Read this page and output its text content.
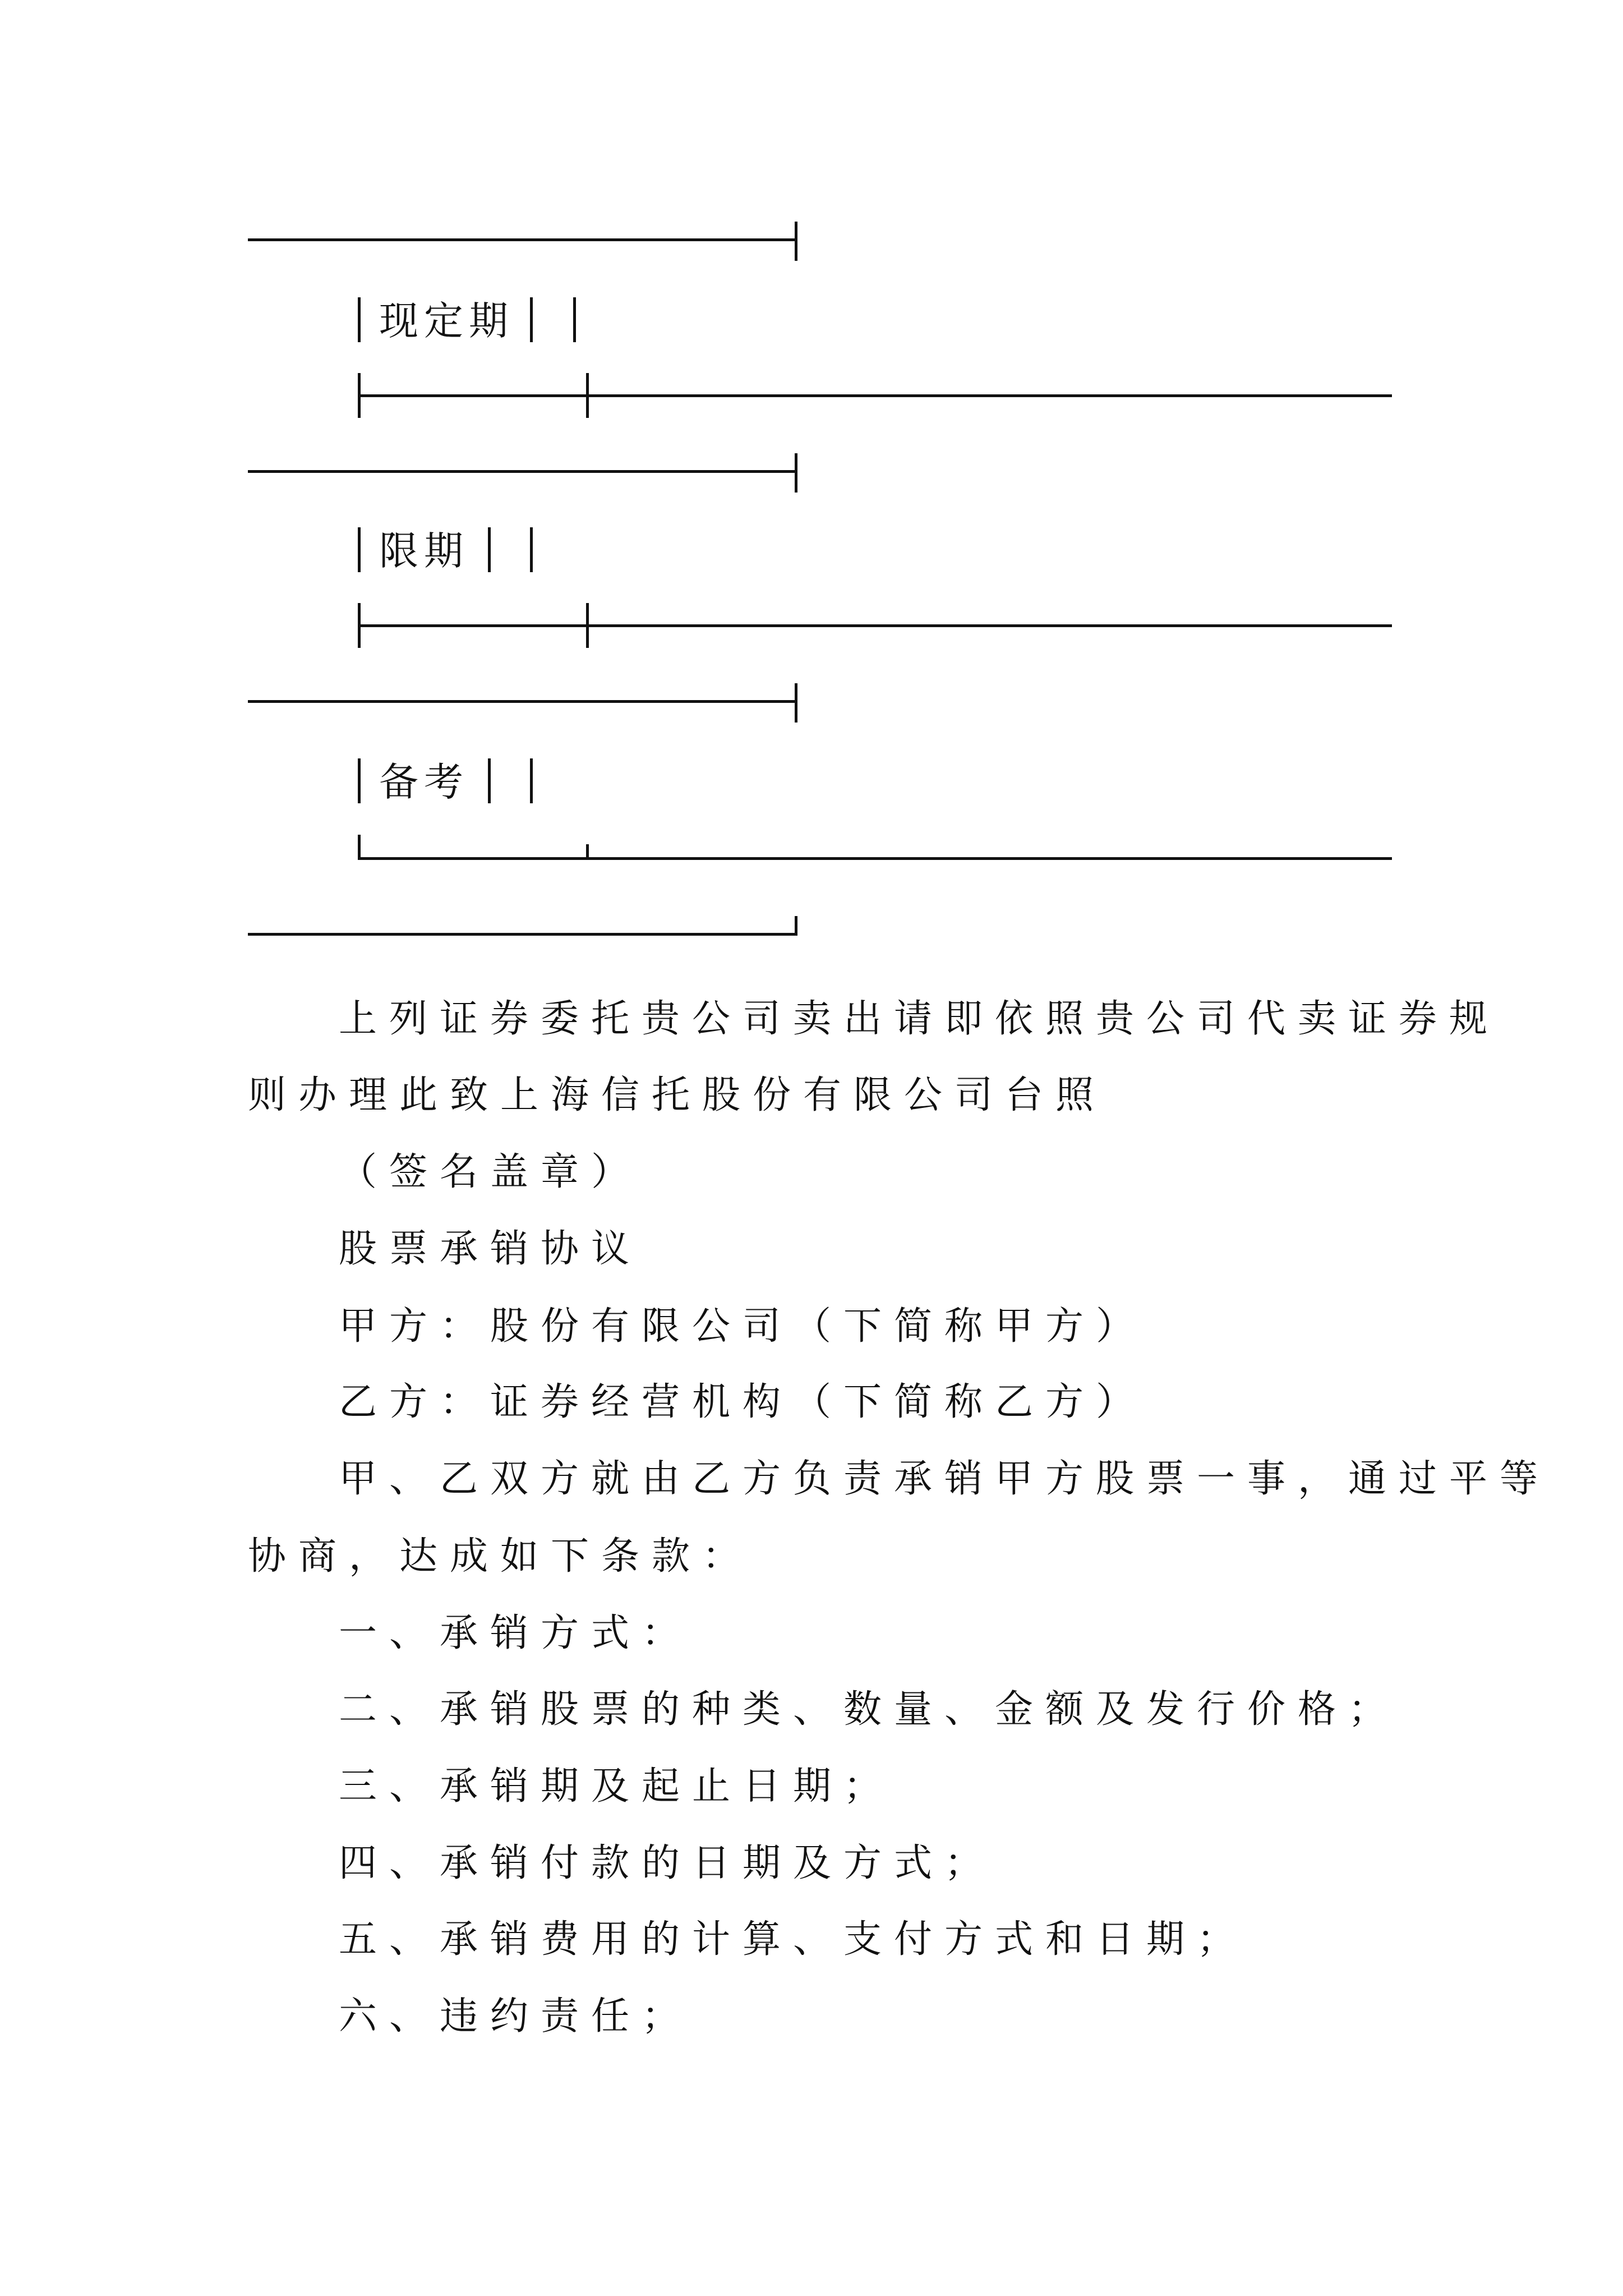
现定期
限期
备考
上列证券委托贵公司卖出请即依照贵公司代卖证券规
则办理此致上海信托股份有限公司台照
（签名盖章）
股票承销协议
甲方：股份有限公司（下简称甲方）
乙方：证券经营机构（下简称乙方）
甲、乙双方就由乙方负责承销甲方股票一事，通过平等
协商，达成如下条款：
一、承销方式：
二、承销股票的种类、数量、金额及发行价格；
三、承销期及起止日期；
四、承销付款的日期及方式；
五、承销费用的计算、支付方式和日期；
六、违约责任；
